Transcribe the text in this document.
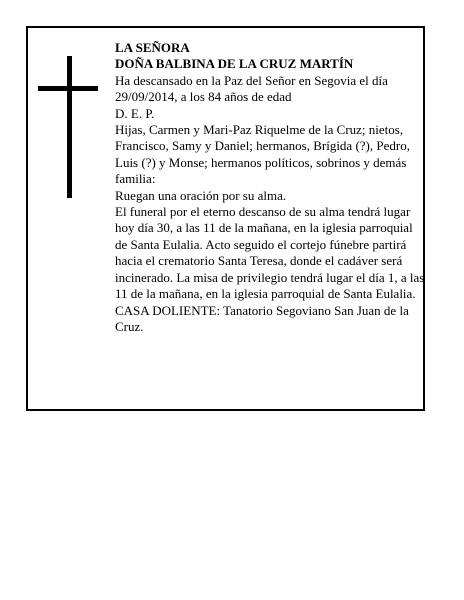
LA SEÑORA

DOÑA BALBINA DE LA CRUZ MARTÍN

Ha descansado en la Paz del Señor en Segovia el día 29/09/2014, a los 84 años de edad

D. E. P.

Hijas, Carmen y Mari-Paz Riquelme de la Cruz; nietos, Francisco, Samy y Daniel; hermanos, Brígida (?), Pedro, Luis (?) y Monse; hermanos políticos, sobrinos y demás familia:

Ruegan una oración por su alma.

El funeral por el eterno descanso de su alma tendrá lugar hoy día 30, a las 11 de la mañana, en la iglesia parroquial de Santa Eulalia. Acto seguido el cortejo fúnebre partirá hacia el crematorio Santa Teresa, donde el cadáver será incinerado. La misa de privilegio tendrá lugar el día 1, a las 11 de la mañana, en la iglesia parroquial de Santa Eulalia.

CASA DOLIENTE: Tanatorio Segoviano San Juan de la Cruz.
